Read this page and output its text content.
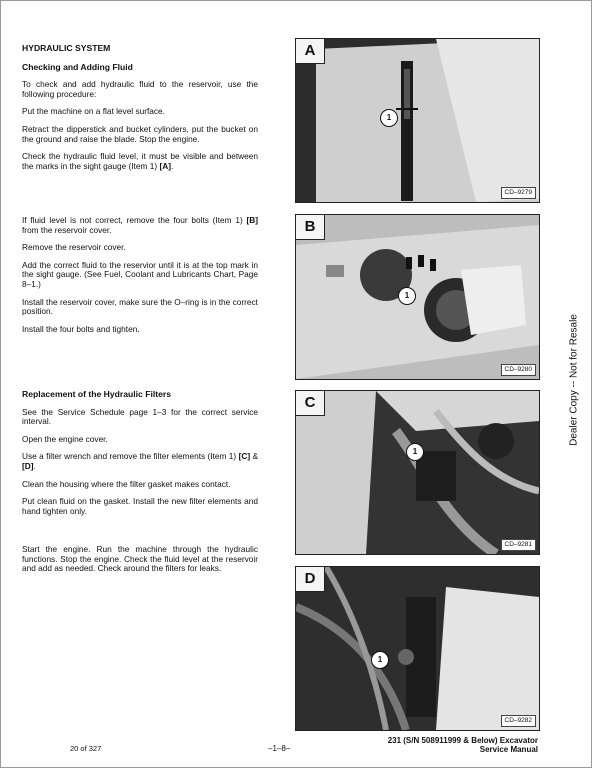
HYDRAULIC SYSTEM

Checking and Adding Fluid

To check and add hydraulic fluid to the reservoir, use the following procedure:

Put the machine on a flat level surface.

Retract the dipperstick and bucket cylinders, put the bucket on the ground and raise the blade. Stop the engine.

Check the hydraulic fluid level, it must be visible and between the marks in the sight gauge (Item 1) [A].

If fluid level is not correct, remove the four bolts (Item 1) [B] from the reservoir cover.

Remove the reservoir cover.

Add the correct fluid to the reservior until it is at the top mark in the sight gauge. (See Fuel, Coolant and Lubricants Chart, Page 8–1.)

Install the reservoir cover, make sure the O–ring is in the correct position.

Install the four bolts and tighten.

Replacement of the Hydraulic Filters

See the Service Schedule page 1–3 for the correct service interval.

Open the engine cover.

Use a filter wrench and remove the filter elements (Item 1) [C] & [D].

Clean the housing where the filter gasket makes contact.

Put clean fluid on the gasket. Install the new filter elements and hand tighten only.

Start the engine. Run the machine through the hydraulic functions. Stop the engine. Check the fluid level at the reservoir and add as needed. Check around the filters for leaks.

A
1
CD–9279
B
1
CD–9280
C
1
CD–9281
D
1
CD–9282
Dealer Copy -- Not for Resale
20 of 327	–1–8–
231 (S/N 508911999 & Below) Excavator
Service Manual
